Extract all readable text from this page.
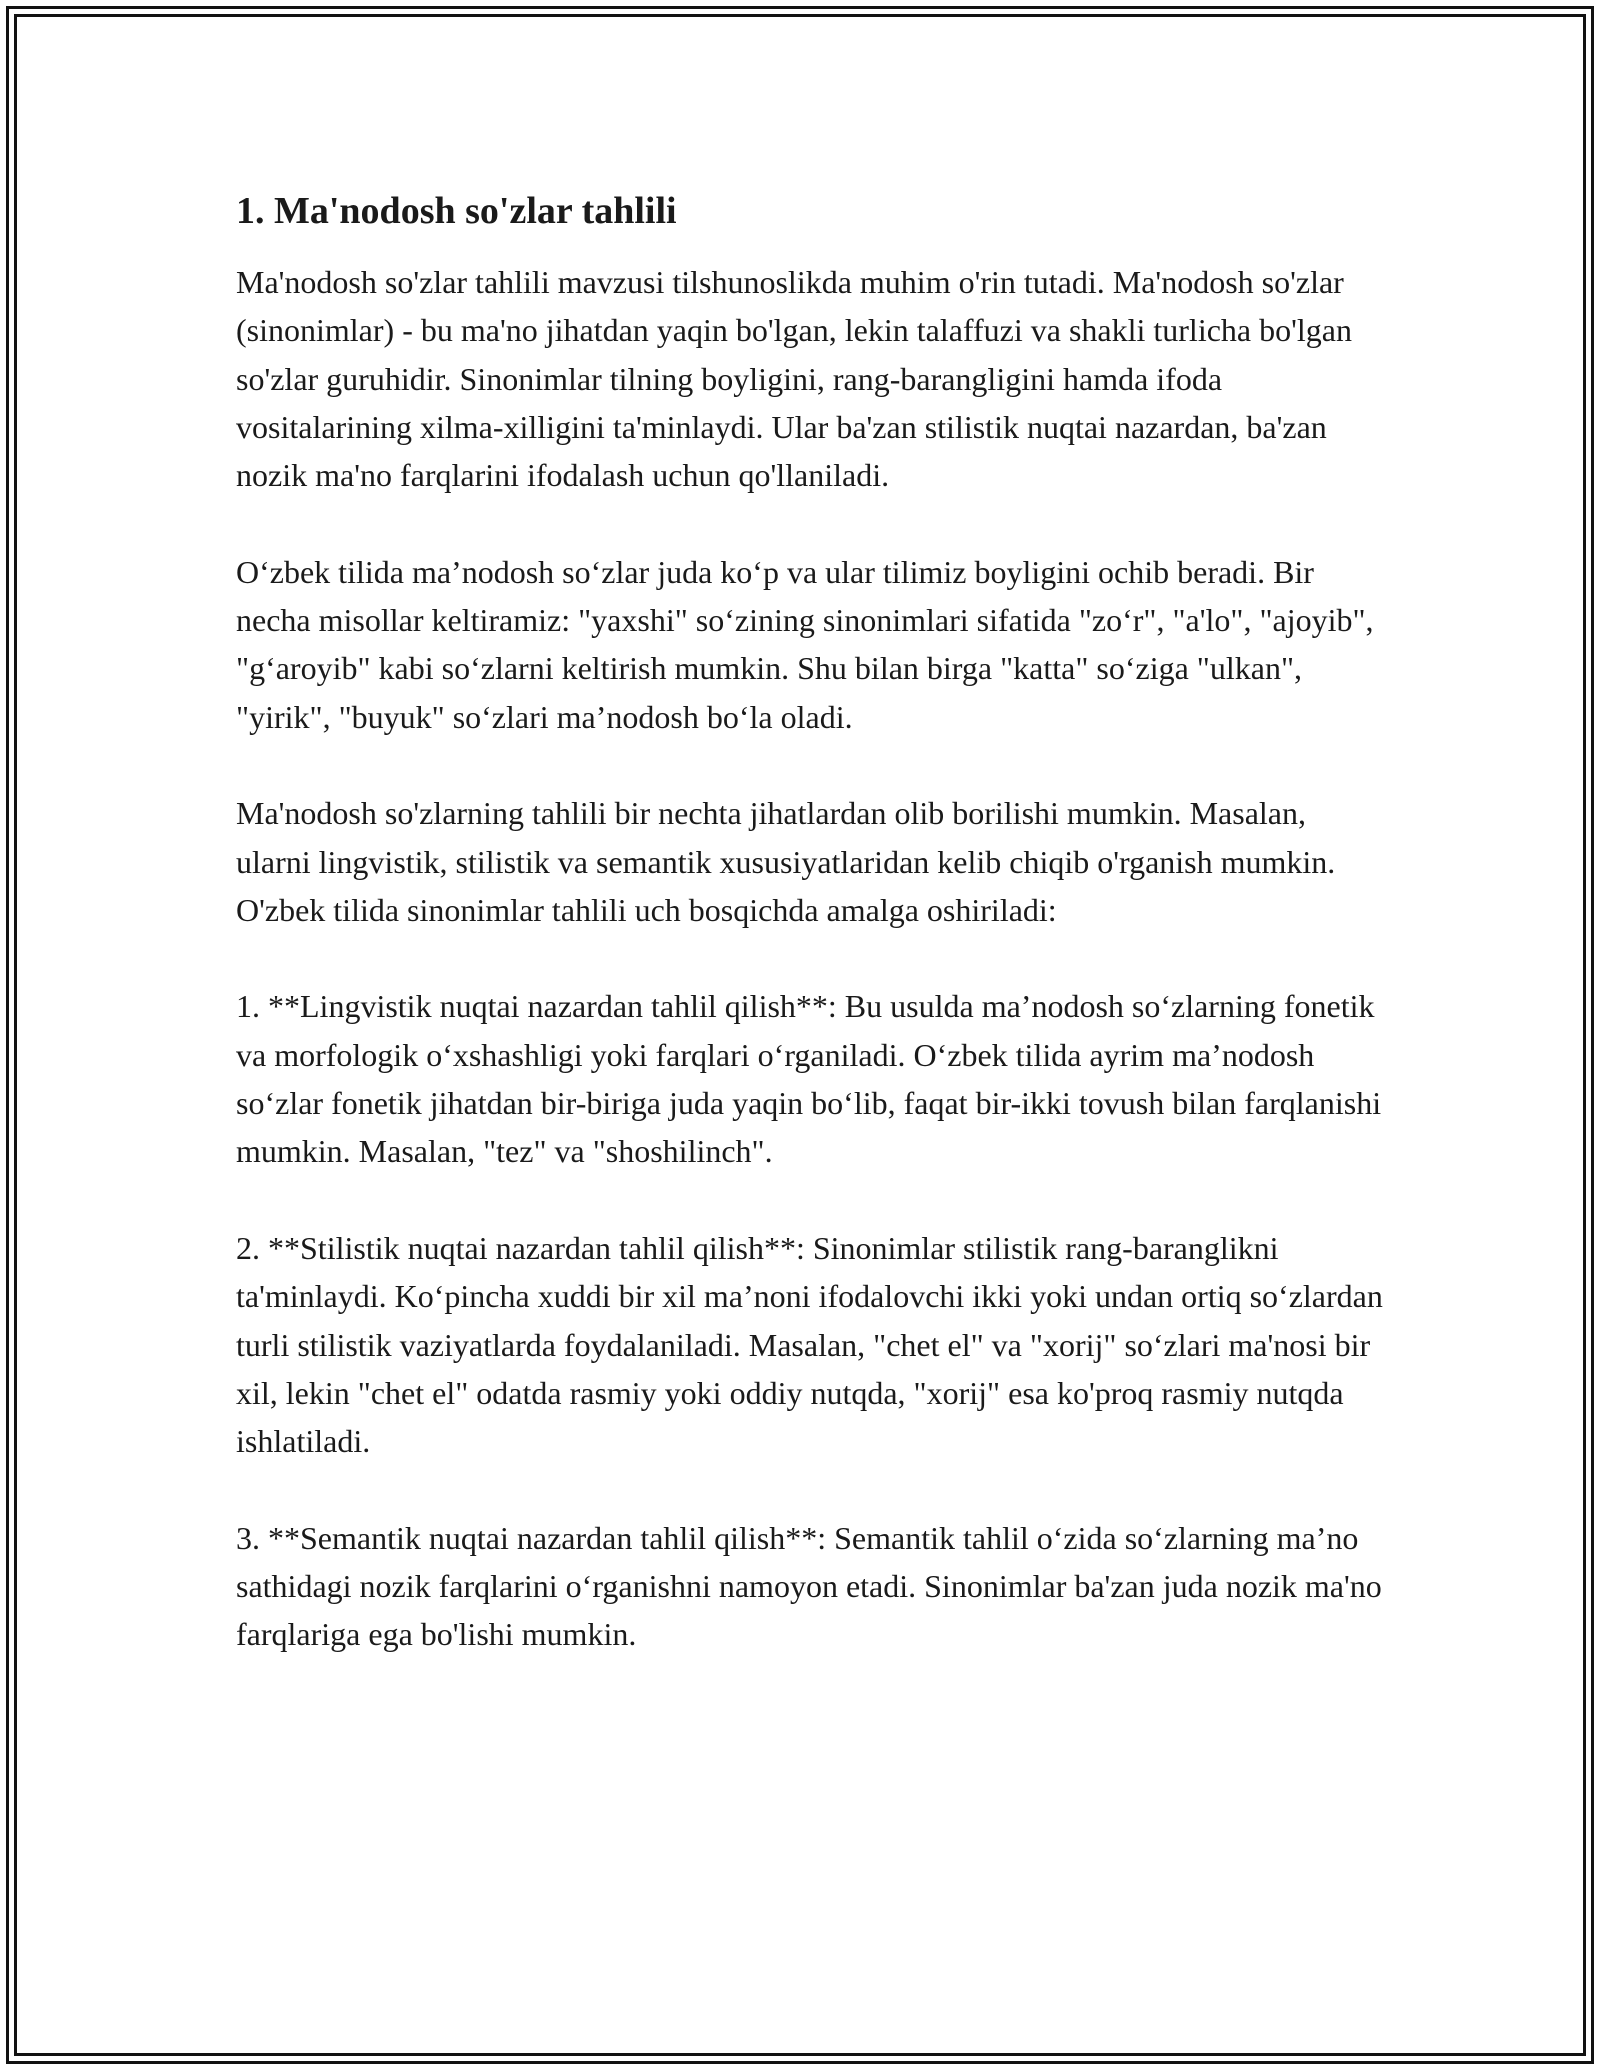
1. Ma'nodosh so'zlar tahlili

Ma'nodosh so'zlar tahlili mavzusi tilshunoslikda muhim o'rin tutadi. Ma'nodosh so'zlar (sinonimlar) - bu ma'no jihatdan yaqin bo'lgan, lekin talaffuzi va shakli turlicha bo'lgan so'zlar guruhidir. Sinonimlar tilning boyligini, rang-barangligini hamda ifoda vositalarining xilma-xilligini ta'minlaydi. Ular ba'zan stilistik nuqtai nazardan, ba'zan nozik ma'no farqlarini ifodalash uchun qo'llaniladi.

O‘zbek tilida ma’nodosh so‘zlar juda ko‘p va ular tilimiz boyligini ochib beradi. Bir necha misollar keltiramiz: "yaxshi" so‘zining sinonimlari sifatida "zo‘r", "a'lo", "ajoyib", "g‘aroyib" kabi so‘zlarni keltirish mumkin. Shu bilan birga "katta" so‘ziga "ulkan", "yirik", "buyuk" so‘zlari ma’nodosh bo‘la oladi.

Ma'nodosh so'zlarning tahlili bir nechta jihatlardan olib borilishi mumkin. Masalan, ularni lingvistik, stilistik va semantik xususiyatlaridan kelib chiqib o'rganish mumkin. O'zbek tilida sinonimlar tahlili uch bosqichda amalga oshiriladi:

1. **Lingvistik nuqtai nazardan tahlil qilish**: Bu usulda ma’nodosh so‘zlarning fonetik va morfologik o‘xshashligi yoki farqlari o‘rganiladi. O‘zbek tilida ayrim ma’nodosh so‘zlar fonetik jihatdan bir-biriga juda yaqin bo‘lib, faqat bir-ikki tovush bilan farqlanishi mumkin. Masalan, "tez" va "shoshilinch".

2. **Stilistik nuqtai nazardan tahlil qilish**: Sinonimlar stilistik rang-baranglikni ta'minlaydi. Ko‘pincha xuddi bir xil ma’noni ifodalovchi ikki yoki undan ortiq so‘zlardan turli stilistik vaziyatlarda foydalaniladi. Masalan, "chet el" va "xorij" so‘zlari ma'nosi bir xil, lekin "chet el" odatda rasmiy yoki oddiy nutqda, "xorij" esa ko'proq rasmiy nutqda ishlatiladi.

3. **Semantik nuqtai nazardan tahlil qilish**: Semantik tahlil o‘zida so‘zlarning ma’no sathidagi nozik farqlarini o‘rganishni namoyon etadi. Sinonimlar ba'zan juda nozik ma'no farqlariga ega bo'lishi mumkin.
